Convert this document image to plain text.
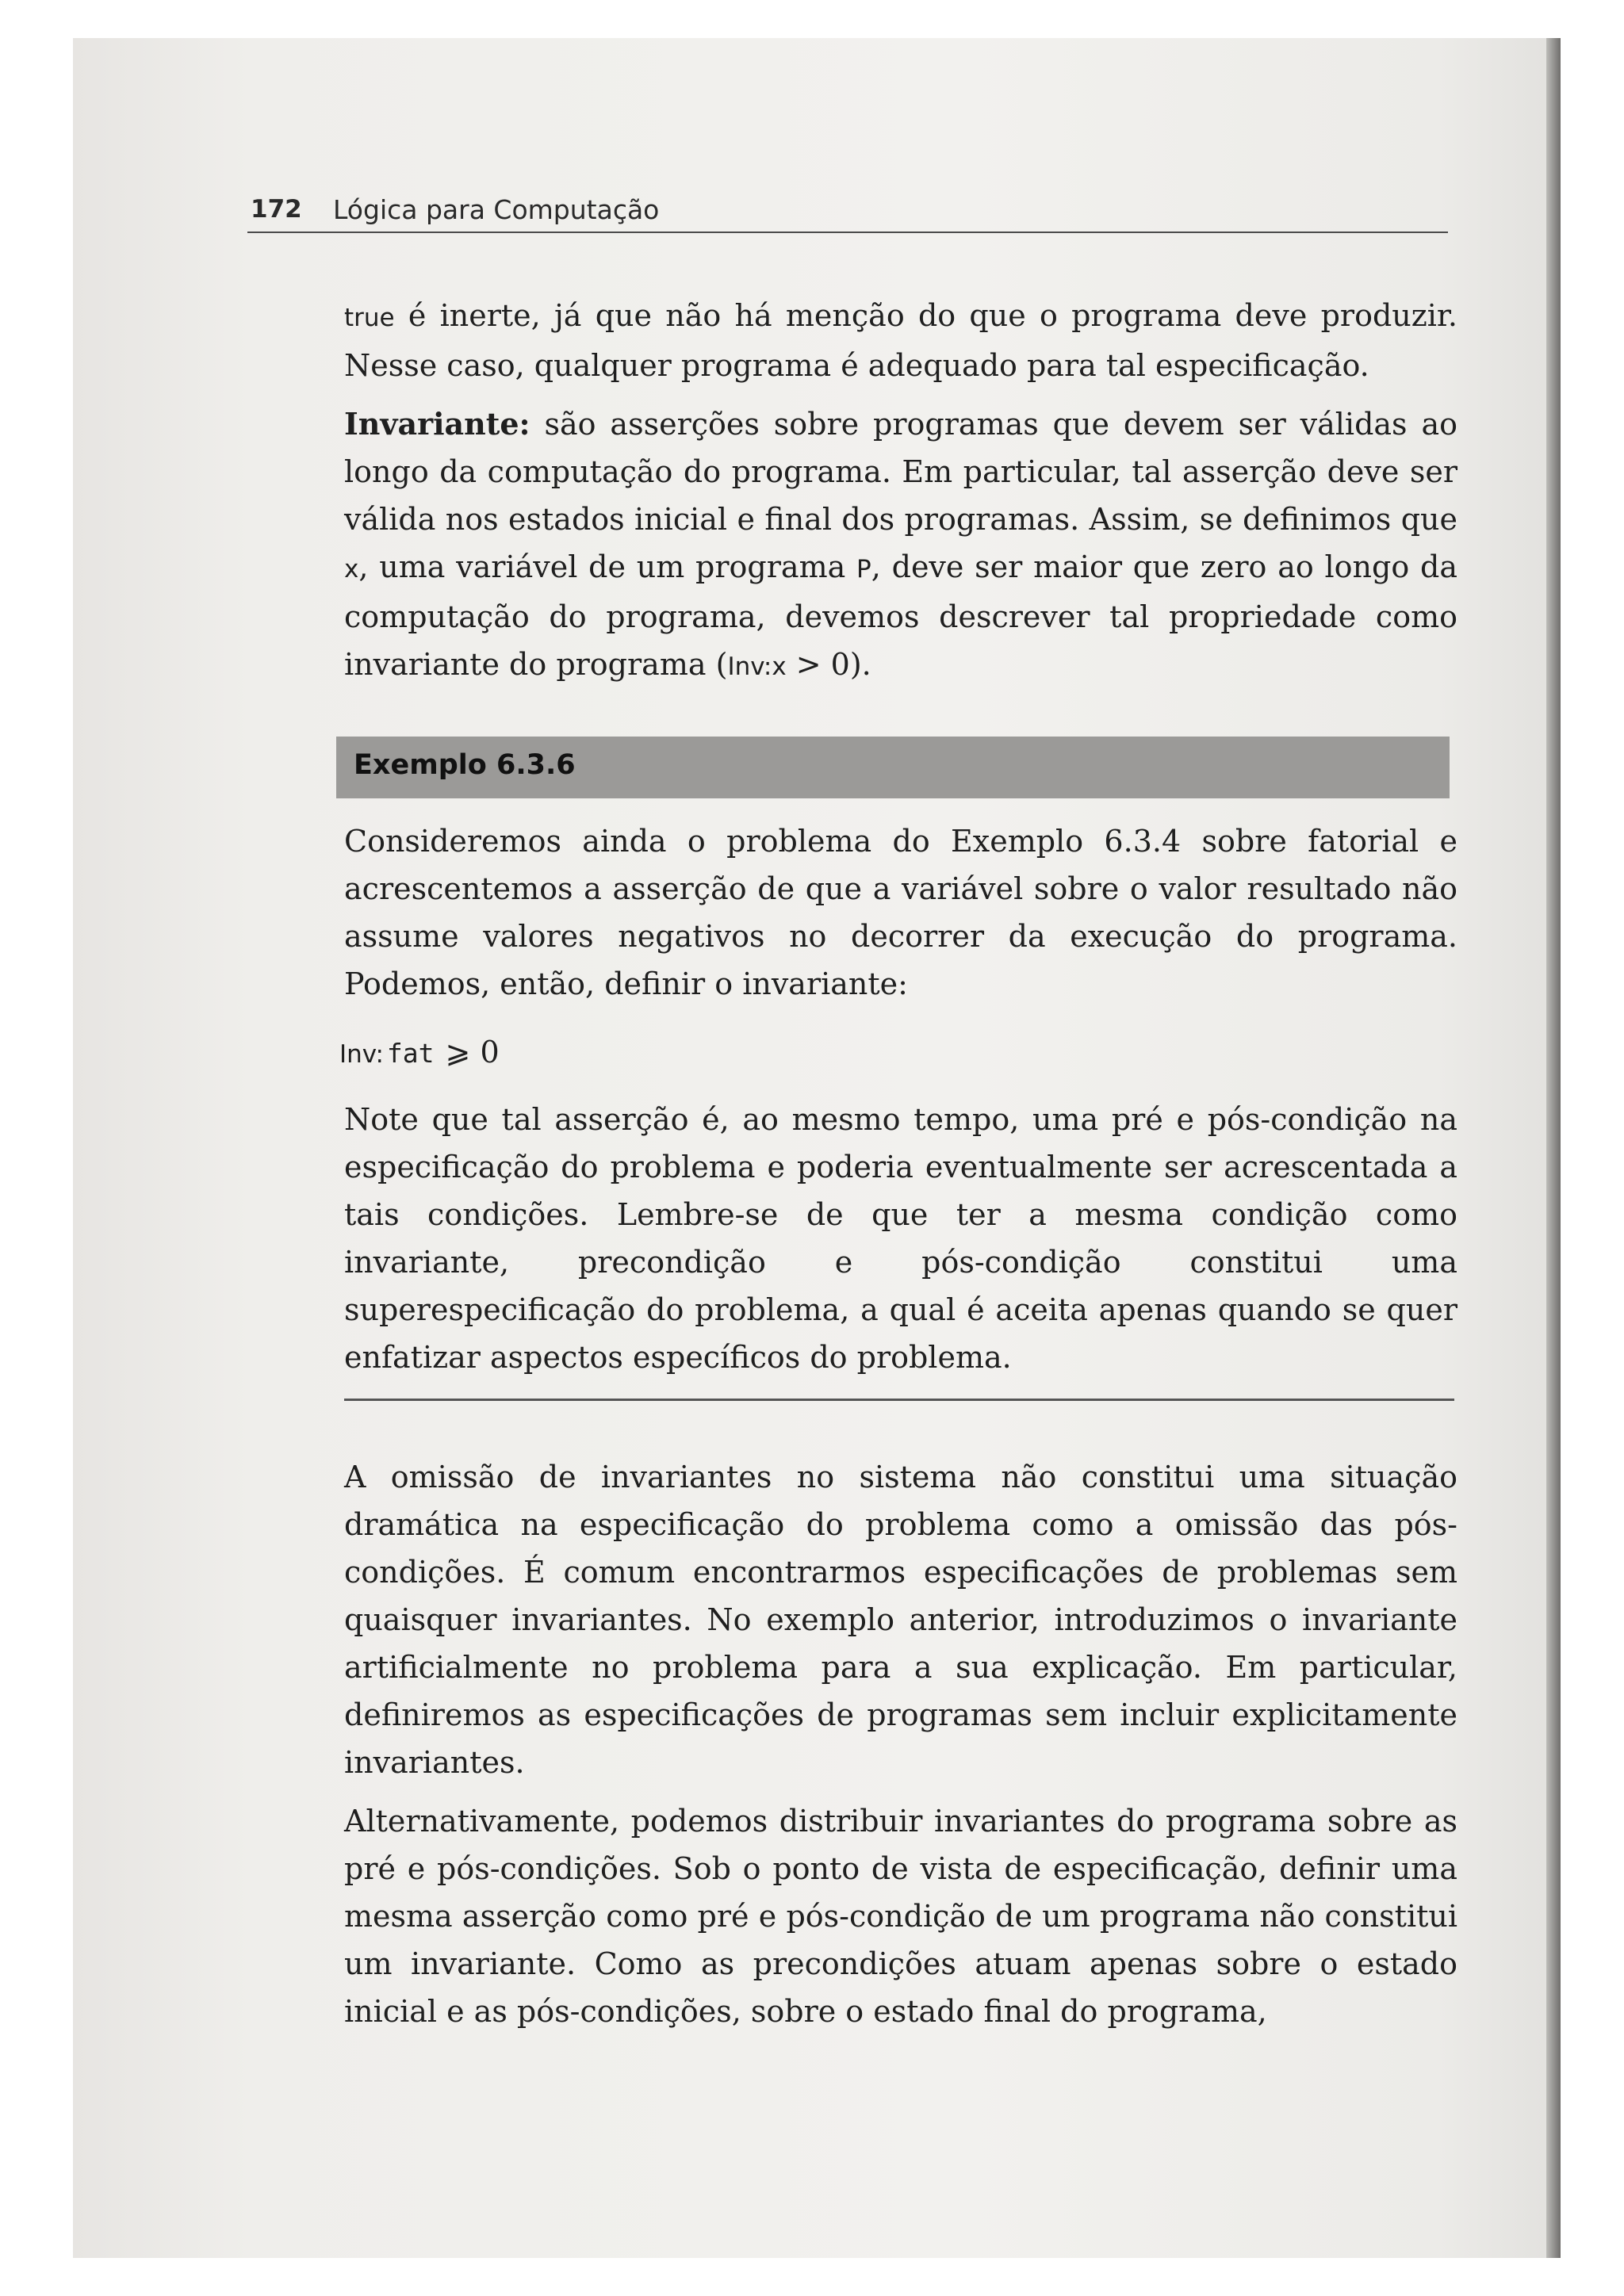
172 Lógica para Computação

true é inerte, já que não há menção do que o programa deve produzir. Nesse caso, qualquer programa é adequado para tal especificação.

Invariante: são asserções sobre programas que devem ser válidas ao longo da computação do programa. Em particular, tal asserção deve ser válida nos estados inicial e final dos programas. Assim, se definimos que x, uma variável de um programa P, deve ser maior que zero ao longo da computação do programa, devemos descrever tal propriedade como invariante do programa (Inv:x > 0).

Exemplo 6.3.6

Consideremos ainda o problema do Exemplo 6.3.4 sobre fatorial e acrescentemos a asserção de que a variável sobre o valor resultado não assume valores negativos no decorrer da execução do programa. Podemos, então, definir o invariante:

Inv: fat ⩾ 0

Note que tal asserção é, ao mesmo tempo, uma pré e pós-condição na especificação do problema e poderia eventualmente ser acrescentada a tais condições. Lembre-se de que ter a mesma condição como invariante, precondição e pós-condição constitui uma superespecificação do problema, a qual é aceita apenas quando se quer enfatizar aspectos específicos do problema.

A omissão de invariantes no sistema não constitui uma situação dramática na especificação do problema como a omissão das pós-condições. É comum encontrarmos especificações de problemas sem quaisquer invariantes. No exemplo anterior, introduzimos o invariante artificialmente no problema para a sua explicação. Em particular, definiremos as especificações de programas sem incluir explicitamente invariantes.

Alternativamente, podemos distribuir invariantes do programa sobre as pré e pós-condições. Sob o ponto de vista de especificação, definir uma mesma asserção como pré e pós-condição de um programa não constitui um invariante. Como as precondições atuam apenas sobre o estado inicial e as pós-condições, sobre o estado final do programa,
